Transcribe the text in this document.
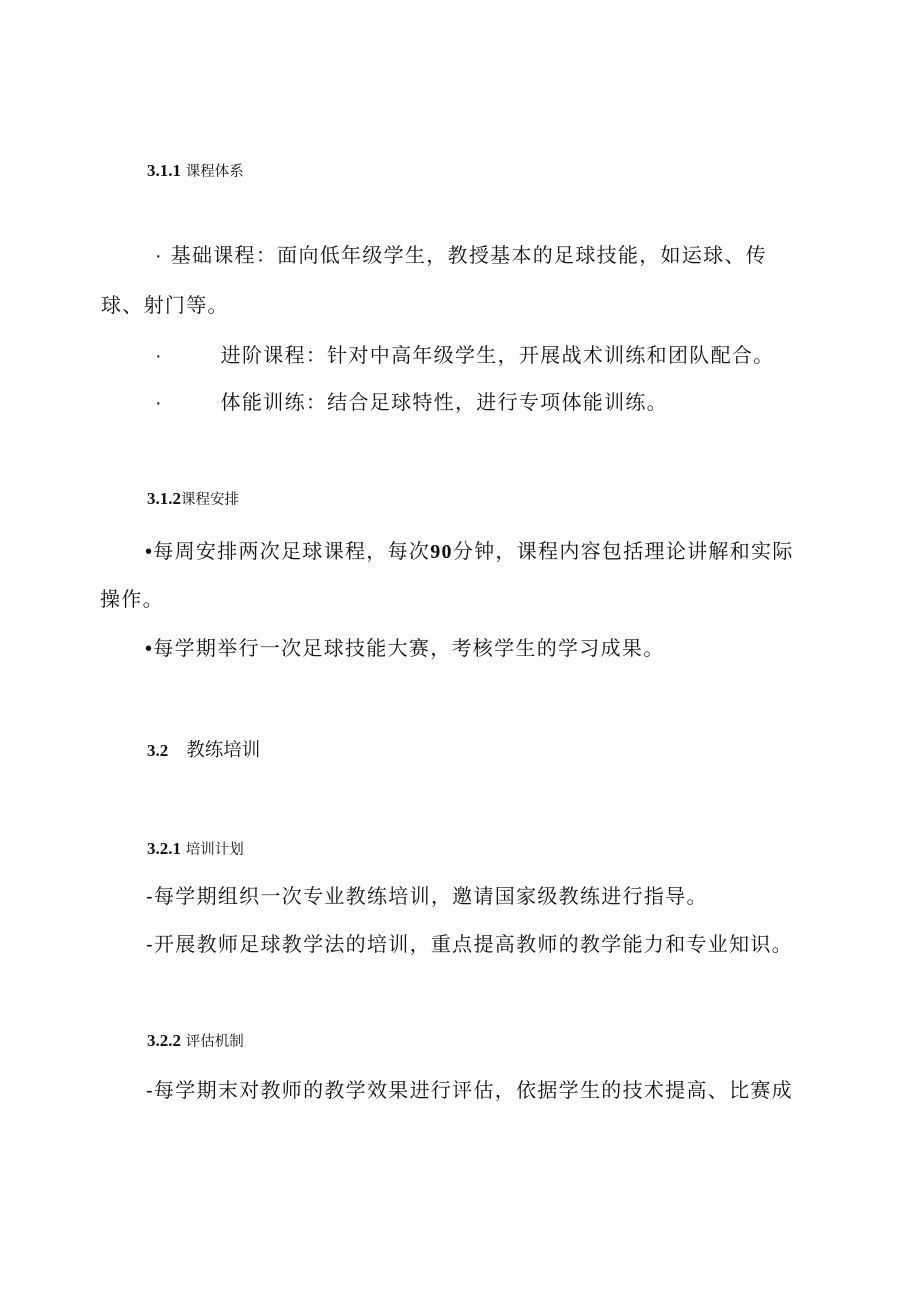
3.1.1 课程体系
· 基础课程：面向低年级学生，教授基本的足球技能，如运球、传
球、射门等。
·	进阶课程：针对中高年级学生，开展战术训练和团队配合。
·	体能训练：结合足球特性，进行专项体能训练。
3.1.2课程安排
•每周安排两次足球课程，每次90分钟，课程内容包括理论讲解和实际
操作。
•每学期举行一次足球技能大赛，考核学生的学习成果。
3.2 教练培训
3.2.1 培训计划
-每学期组织一次专业教练培训，邀请国家级教练进行指导。
-开展教师足球教学法的培训，重点提高教师的教学能力和专业知识。
3.2.2 评估机制
-每学期末对教师的教学效果进行评估，依据学生的技术提高、比赛成
